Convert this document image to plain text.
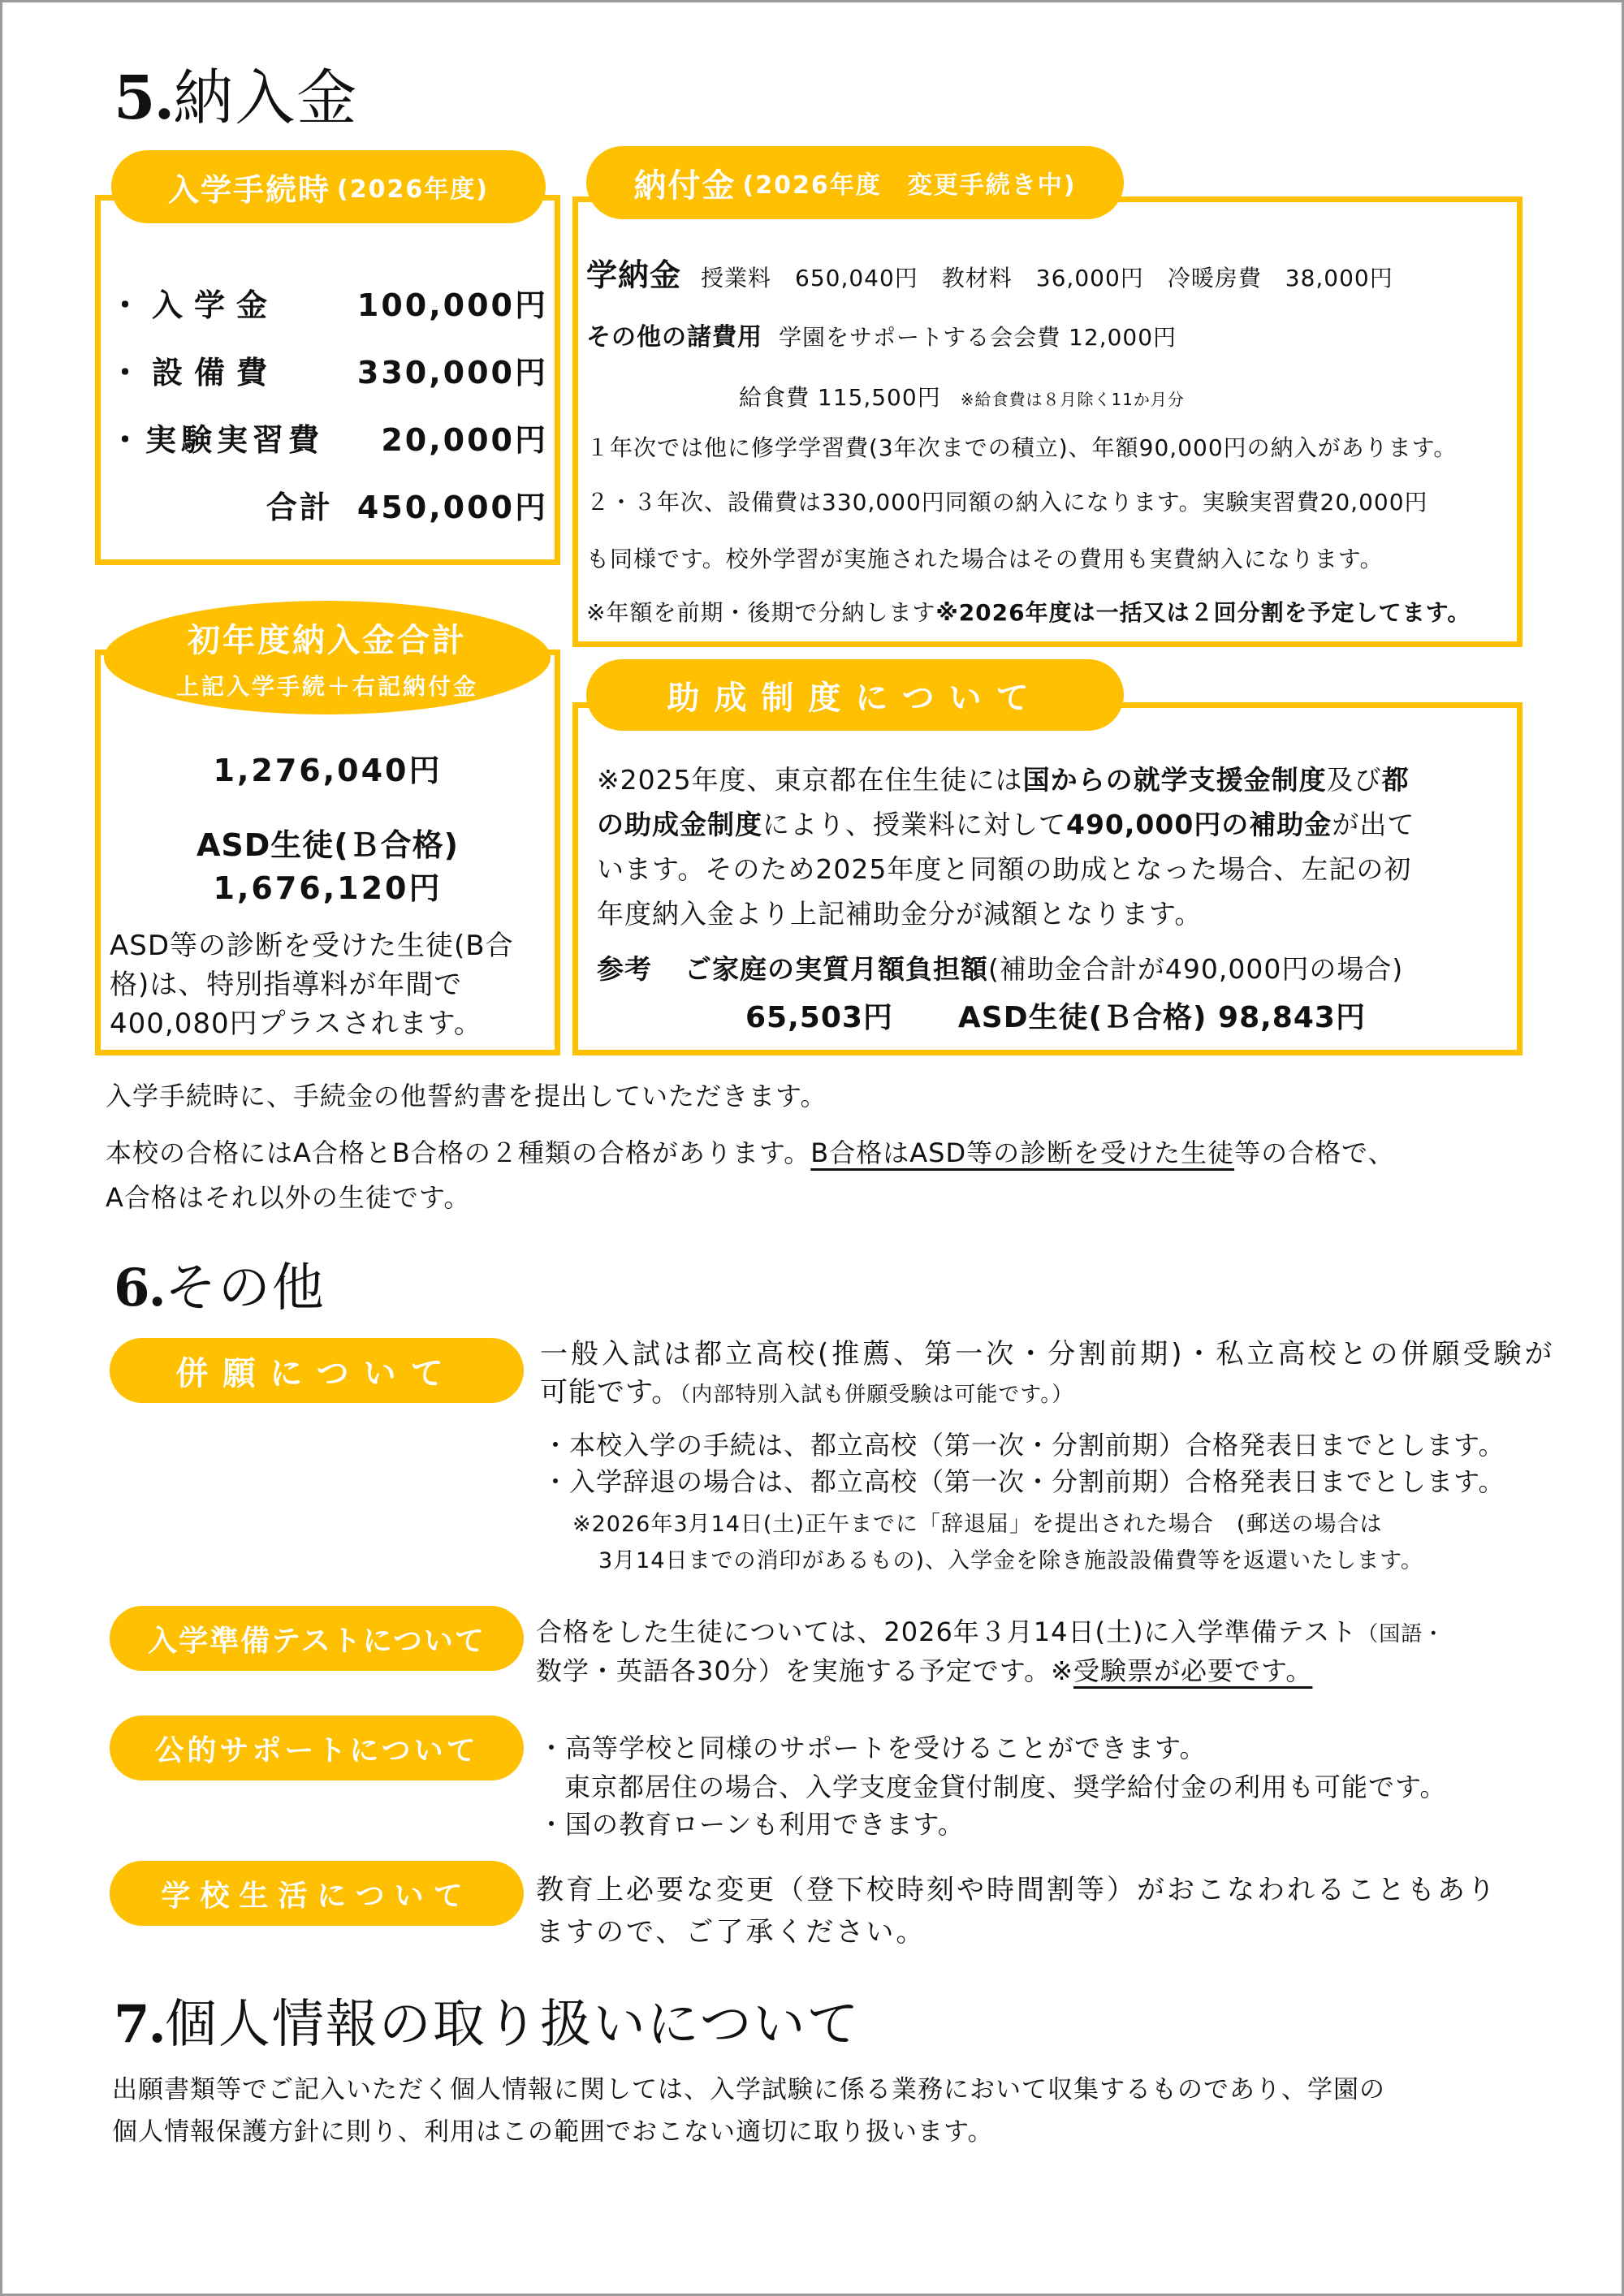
5.納入金
入学手続時 (2026年度)
・入学金	100,000円
・設備費	330,000円
・実験実習費 20,000円
合計 450,000円
納付金 (2026年度　変更手続き中)
学納金 授業料　650,040円　教材料　36,000円　冷暖房費　38,000円
その他の諸費用 学園をサポートする会会費 12,000円
給食費 115,500円 ※給食費は８月除く11か月分
１年次では他に修学学習費(3年次までの積立)、年額90,000円の納入があります。
２・３年次、設備費は330,000円同額の納入になります。実験実習費20,000円
も同様です。校外学習が実施された場合はその費用も実費納入になります。
※年額を前期・後期で分納します※2026年度は一括又は２回分割を予定してます。
初年度納入金合計
上記入学手続＋右記納付金
1,276,040円
ASD生徒(Ｂ合格)
1,676,120円
ASD等の診断を受けた生徒(B合
格)は、特別指導料が年間で
400,080円プラスされます。
助成制度について
※2025年度、東京都在住生徒には国からの就学支援金制度及び都
の助成金制度により、授業料に対して490,000円の補助金が出て
います。そのため2025年度と同額の助成となった場合、左記の初
年度納入金より上記補助金分が減額となります。
参考 ご家庭の実質月額負担額(補助金合計が490,000円の場合)
65,503円 ASD生徒(Ｂ合格) 98,843円
入学手続時に、手続金の他誓約書を提出していただきます。
本校の合格にはA合格とB合格の２種類の合格があります。B合格はASD等の診断を受けた生徒等の合格で、
A合格はそれ以外の生徒です。
6.その他
併願について
一般入試は都立高校(推薦、第一次・分割前期)・私立高校との併願受験が
可能です。（内部特別入試も併願受験は可能です。）
・本校入学の手続は、都立高校（第一次・分割前期）合格発表日までとします。
・入学辞退の場合は、都立高校（第一次・分割前期）合格発表日までとします。
※2026年3月14日(土)正午までに「辞退届」を提出された場合　(郵送の場合は
3月14日までの消印があるもの)、入学金を除き施設設備費等を返還いたします。
入学準備テストについて	合格をした生徒については、2026年３月14日(土)に入学準備テスト（国語・
数学・英語各30分）を実施する予定です。※受験票が必要です。
公的サポートについて	・高等学校と同様のサポートを受けることができます。
東京都居住の場合、入学支度金貸付制度、奨学給付金の利用も可能です。
・国の教育ローンも利用できます。
学校生活について	教育上必要な変更（登下校時刻や時間割等）がおこなわれることもあり
ますので、ご了承ください。
7.個人情報の取り扱いについて
出願書類等でご記入いただく個人情報に関しては、入学試験に係る業務において収集するものであり、学園の
個人情報保護方針に則り、利用はこの範囲でおこない適切に取り扱います。
